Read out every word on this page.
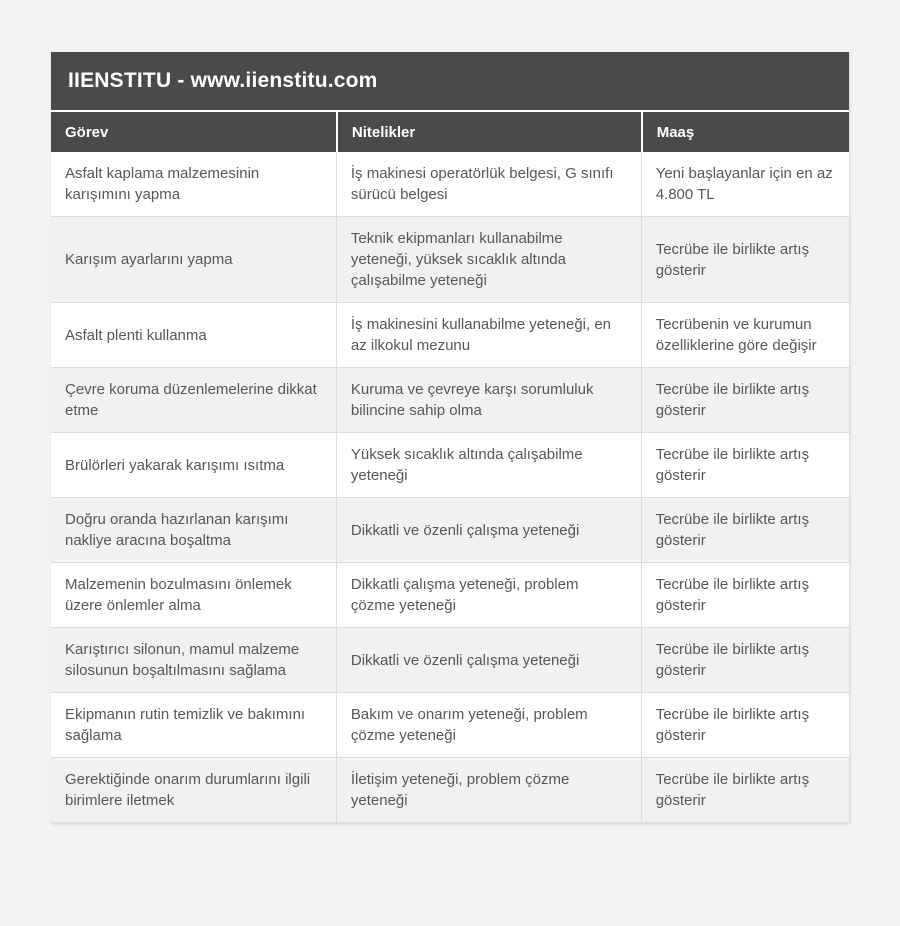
IIENSTITU - www.iienstitu.com
Görev	Nitelikler	Maaş
Asfalt kaplama malzemesinin karışımını yapma
İş makinesi operatörlük belgesi, G sınıfı sürücü belgesi
Yeni başlayanlar için en az 4.800 TL
Karışım ayarlarını yapma
Teknik ekipmanları kullanabilme yeteneği, yüksek sıcaklık altında çalışabilme yeteneği
Tecrübe ile birlikte artış gösterir
Asfalt plenti kullanma
İş makinesini kullanabilme yeteneği, en az ilkokul mezunu
Tecrübenin ve kurumun özelliklerine göre değişir
Çevre koruma düzenlemelerine dikkat etme
Kuruma ve çevreye karşı sorumluluk bilincine sahip olma
Tecrübe ile birlikte artış gösterir
Brülörleri yakarak karışımı ısıtma
Yüksek sıcaklık altında çalışabilme yeteneği
Tecrübe ile birlikte artış gösterir
Doğru oranda hazırlanan karışımı nakliye aracına boşaltma
Dikkatli ve özenli çalışma yeteneği
Tecrübe ile birlikte artış gösterir
Malzemenin bozulmasını önlemek üzere önlemler alma
Dikkatli çalışma yeteneği, problem çözme yeteneği
Tecrübe ile birlikte artış gösterir
Karıştırıcı silonun, mamul malzeme silosunun boşaltılmasını sağlama
Dikkatli ve özenli çalışma yeteneği
Tecrübe ile birlikte artış gösterir
Ekipmanın rutin temizlik ve bakımını sağlama
Bakım ve onarım yeteneği, problem çözme yeteneği
Tecrübe ile birlikte artış gösterir
Gerektiğinde onarım durumlarını ilgili birimlere iletmek
İletişim yeteneği, problem çözme yeteneği
Tecrübe ile birlikte artış gösterir
